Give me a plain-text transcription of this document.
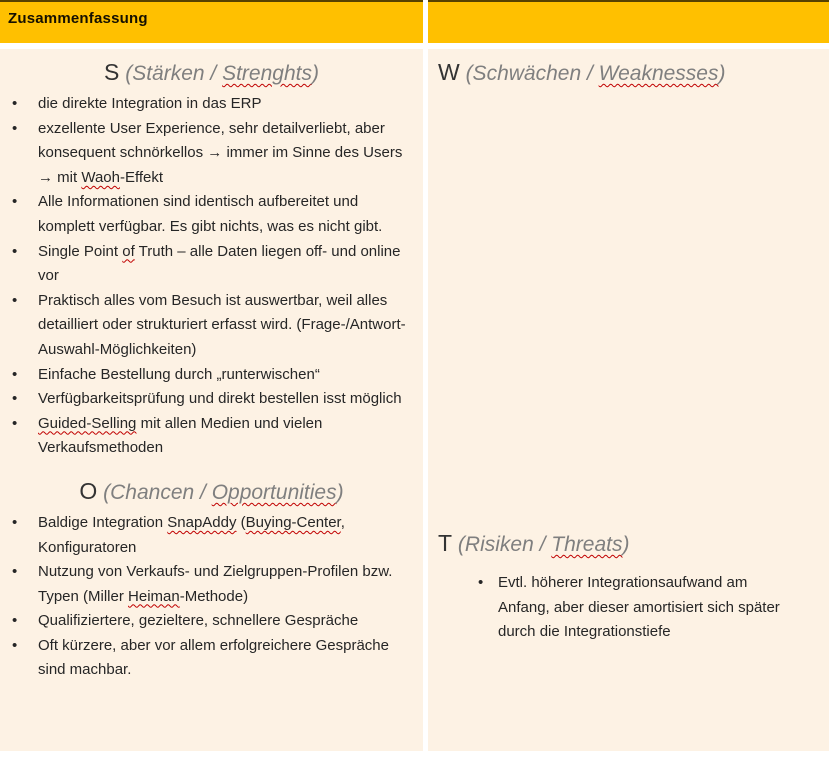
Zusammenfassung
S (Stärken / Strenghts)
• die direkte Integration in das ERP
• exzellente User Experience, sehr detailverliebt, aber konsequent schnörkellos → immer im Sinne des Users → mit Waoh-Effekt
• Alle Informationen sind identisch aufbereitet und komplett verfügbar. Es gibt nichts, was es nicht gibt.
• Single Point of Truth – alle Daten liegen off- und online vor
• Praktisch alles vom Besuch ist auswertbar, weil alles detailliert oder strukturiert erfasst wird. (Frage-/Antwort-Auswahl-Möglichkeiten)
• Einfache Bestellung durch „runterwischen“
• Verfügbarkeitsprüfung und direkt bestellen isst möglich
• Guided-Selling mit allen Medien und vielen Verkaufsmethoden
O (Chancen / Opportunities)
• Baldige Integration SnapAddy (Buying-Center, Konfiguratoren
• Nutzung von Verkaufs- und Zielgruppen-Profilen bzw. Typen (Miller Heiman-Methode)
• Qualifiziertere, gezieltere, schnellere Gespräche
• Oft kürzere, aber vor allem erfolgreichere Gespräche sind machbar.
W (Schwächen / Weaknesses)
T (Risiken / Threats)
• Evtl. höherer Integrationsaufwand am Anfang, aber dieser amortisiert sich später durch die Integrationstiefe
